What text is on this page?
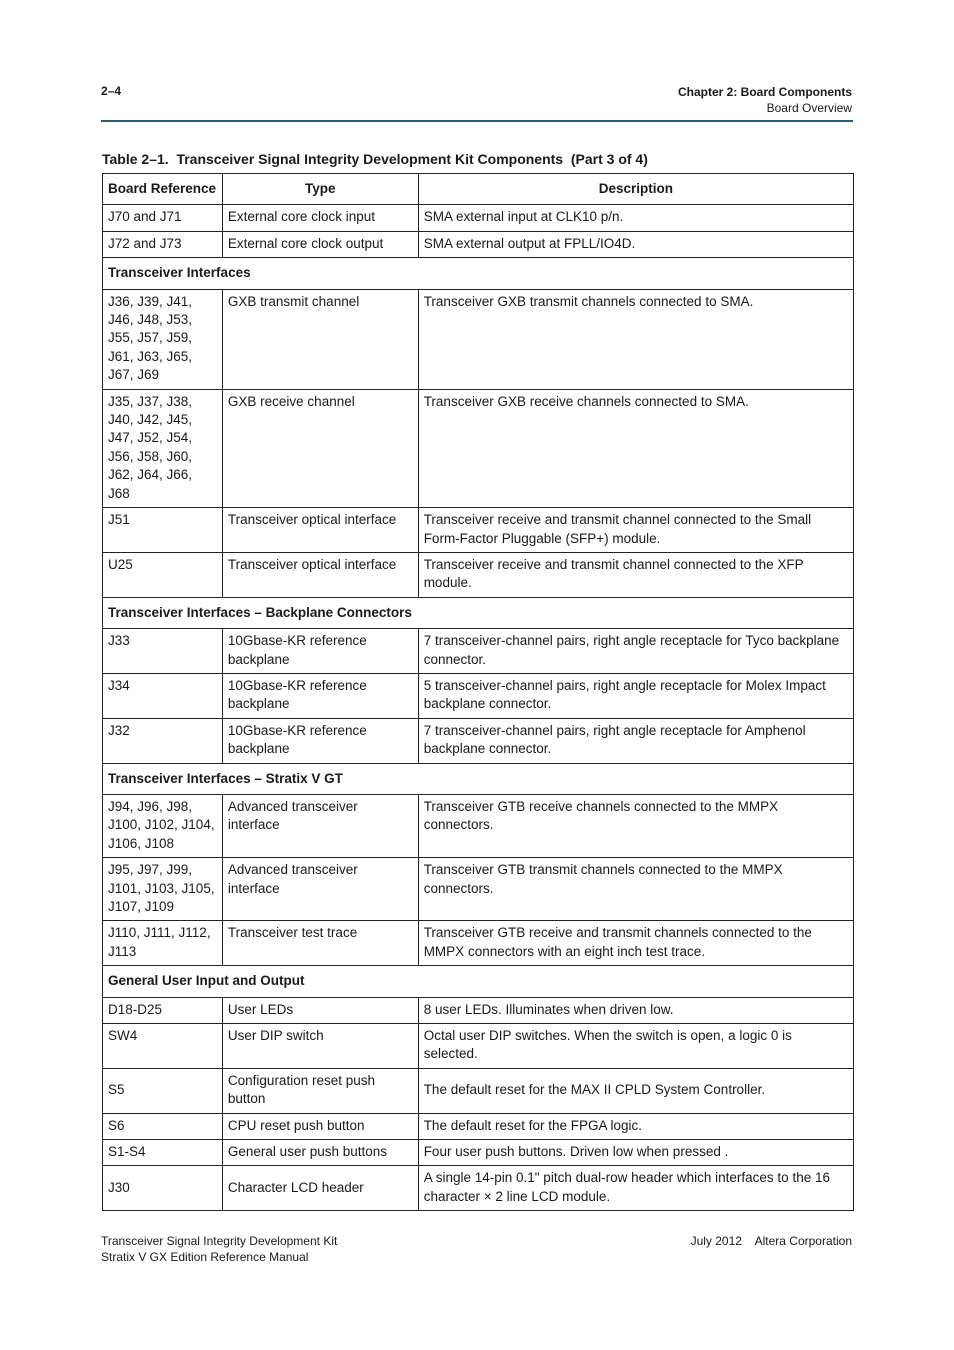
2–4	Chapter 2: Board Components
Board Overview
Table 2–1.  Transceiver Signal Integrity Development Kit Components  (Part 3 of 4)
Board Reference	Type	Description
J70 and J71	External core clock input	SMA external input at CLK10 p/n.
J72 and J73	External core clock output	SMA external output at FPLL/IO4D.
Transceiver Interfaces		
J36, J39, J41, J46, J48, J53, J55, J57, J59, J61, J63, J65, J67, J69	GXB transmit channel	Transceiver GXB transmit channels connected to SMA.
J35, J37, J38, J40, J42, J45, J47, J52, J54, J56, J58, J60, J62, J64, J66, J68	GXB receive channel	Transceiver GXB receive channels connected to SMA.
J51	Transceiver optical interface	Transceiver receive and transmit channel connected to the Small Form-Factor Pluggable (SFP+) module.
U25	Transceiver optical interface	Transceiver receive and transmit channel connected to the XFP module.
Transceiver Interfaces – Backplane Connectors		
J33	10Gbase-KR reference backplane	7 transceiver-channel pairs, right angle receptacle for Tyco backplane connector.
J34	10Gbase-KR reference backplane	5 transceiver-channel pairs, right angle receptacle for Molex Impact backplane connector.
J32	10Gbase-KR reference backplane	7 transceiver-channel pairs, right angle receptacle for Amphenol backplane connector.
Transceiver Interfaces – Stratix V GT		
J94, J96, J98, J100, J102, J104, J106, J108	Advanced transceiver interface	Transceiver GTB receive channels connected to the MMPX connectors.
J95, J97, J99, J101, J103, J105, J107, J109	Advanced transceiver interface	Transceiver GTB transmit channels connected to the MMPX connectors.
J110, J111, J112, J113	Transceiver test trace	Transceiver GTB receive and transmit channels connected to the MMPX connectors with an eight inch test trace.
General User Input and Output		
D18-D25	User LEDs	8 user LEDs. Illuminates when driven low.
SW4	User DIP switch	Octal user DIP switches. When the switch is open, a logic 0 is selected.
S5	Configuration reset push button	The default reset for the MAX II CPLD System Controller.
S6	CPU reset push button	The default reset for the FPGA logic.
S1-S4	General user push buttons	Four user push buttons. Driven low when pressed .
J30	Character LCD header	A single 14-pin 0.1" pitch dual-row header which interfaces to the 16 character × 2 line LCD module.
Transceiver Signal Integrity Development Kit
Stratix V GX Edition Reference Manual
July 2012    Altera Corporation
